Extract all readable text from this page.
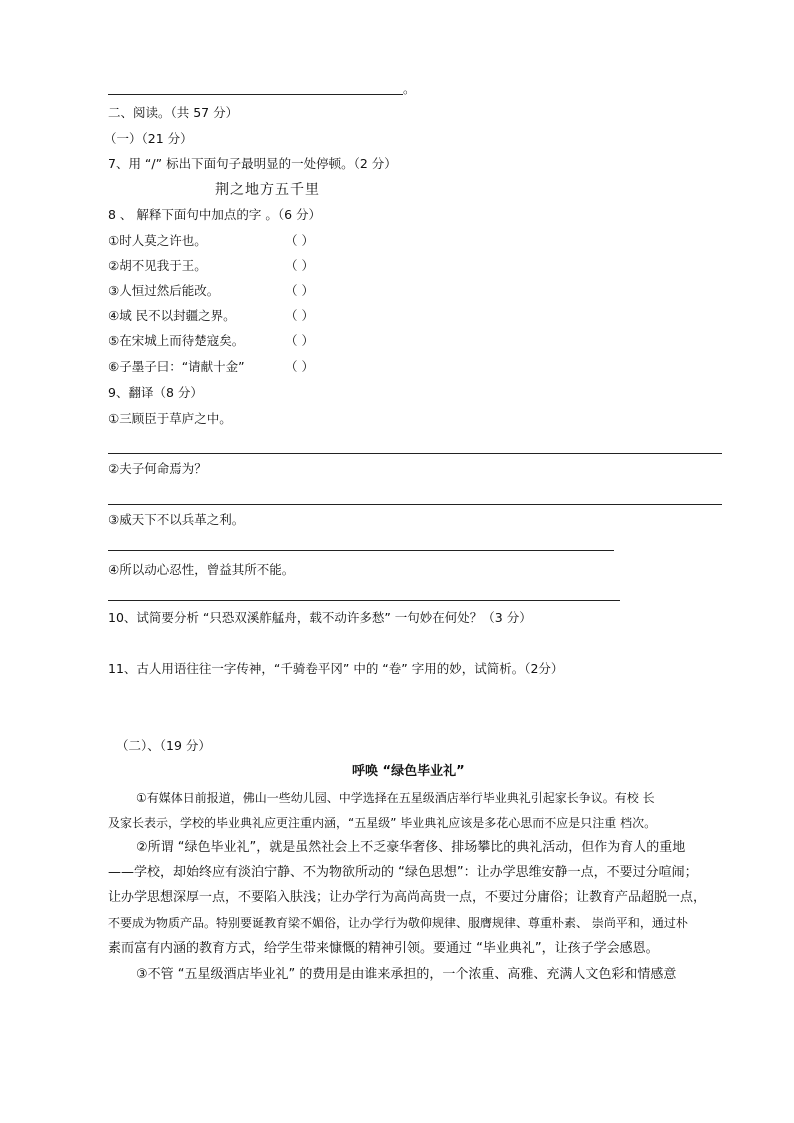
。
二、阅读。（共 57 分）
（一）（21 分）
7、用 “/” 标出下面句子最明显的一处停顿。（2 分）
荆之地方五千里
8 、 解释下面句中加点的字 。（6 分）
①时人莫之许也。	（ ）
②胡不见我于王。	（ ）
③人恒过然后能改。	（ ）
④域 民不以封疆之界。	（ ）
⑤在宋城上而待楚寇矣。	（ ）
⑥子墨子曰：“请献十金”	（ ）
9、翻译（8 分）
①三顾臣于草庐之中。
②夫子何命焉为？
③威天下不以兵革之利。
④所以动心忍性，曾益其所不能。
10、试简要分析 “只恐双溪舴艋舟，载不动许多愁” 一句妙在何处？（3 分）
11、古人用语往往一字传神，“千骑卷平冈” 中的 “卷” 字用的妙，试简析。（2分）
（二）、（19 分）
呼唤 “绿色毕业礼”
①有媒体日前报道，佛山一些幼儿园、中学选择在五星级酒店举行毕业典礼引起家长争议。有校 长
及家长表示，学校的毕业典礼应更注重内涵，“五星级” 毕业典礼应该是多花心思而不应是只注重 档次。
②所谓 “绿色毕业礼”，就是虽然社会上不乏豪华奢侈、排场攀比的典礼活动，但作为育人的重地
——学校，却始终应有淡泊宁静、不为物欲所动的 “绿色思想”：让办学思维安静一点，不要过分喧闹；
让办学思想深厚一点，不要陷入肤浅；让办学行为高尚高贵一点，不要过分庸俗；让教育产品超脱一点，
不要成为物质产品。特别要诞教育梁不媚俗，让办学行为敬仰规律、服膺规律、尊重朴素、 崇尚平和，通过朴
素而富有内涵的教育方式，给学生带来慷慨的精神引领。要通过 “毕业典礼”，让孩子学会感恩。
③不管 “五星级酒店毕业礼” 的费用是由谁来承担的，一个浓重、高雅、充满人文色彩和情感意
